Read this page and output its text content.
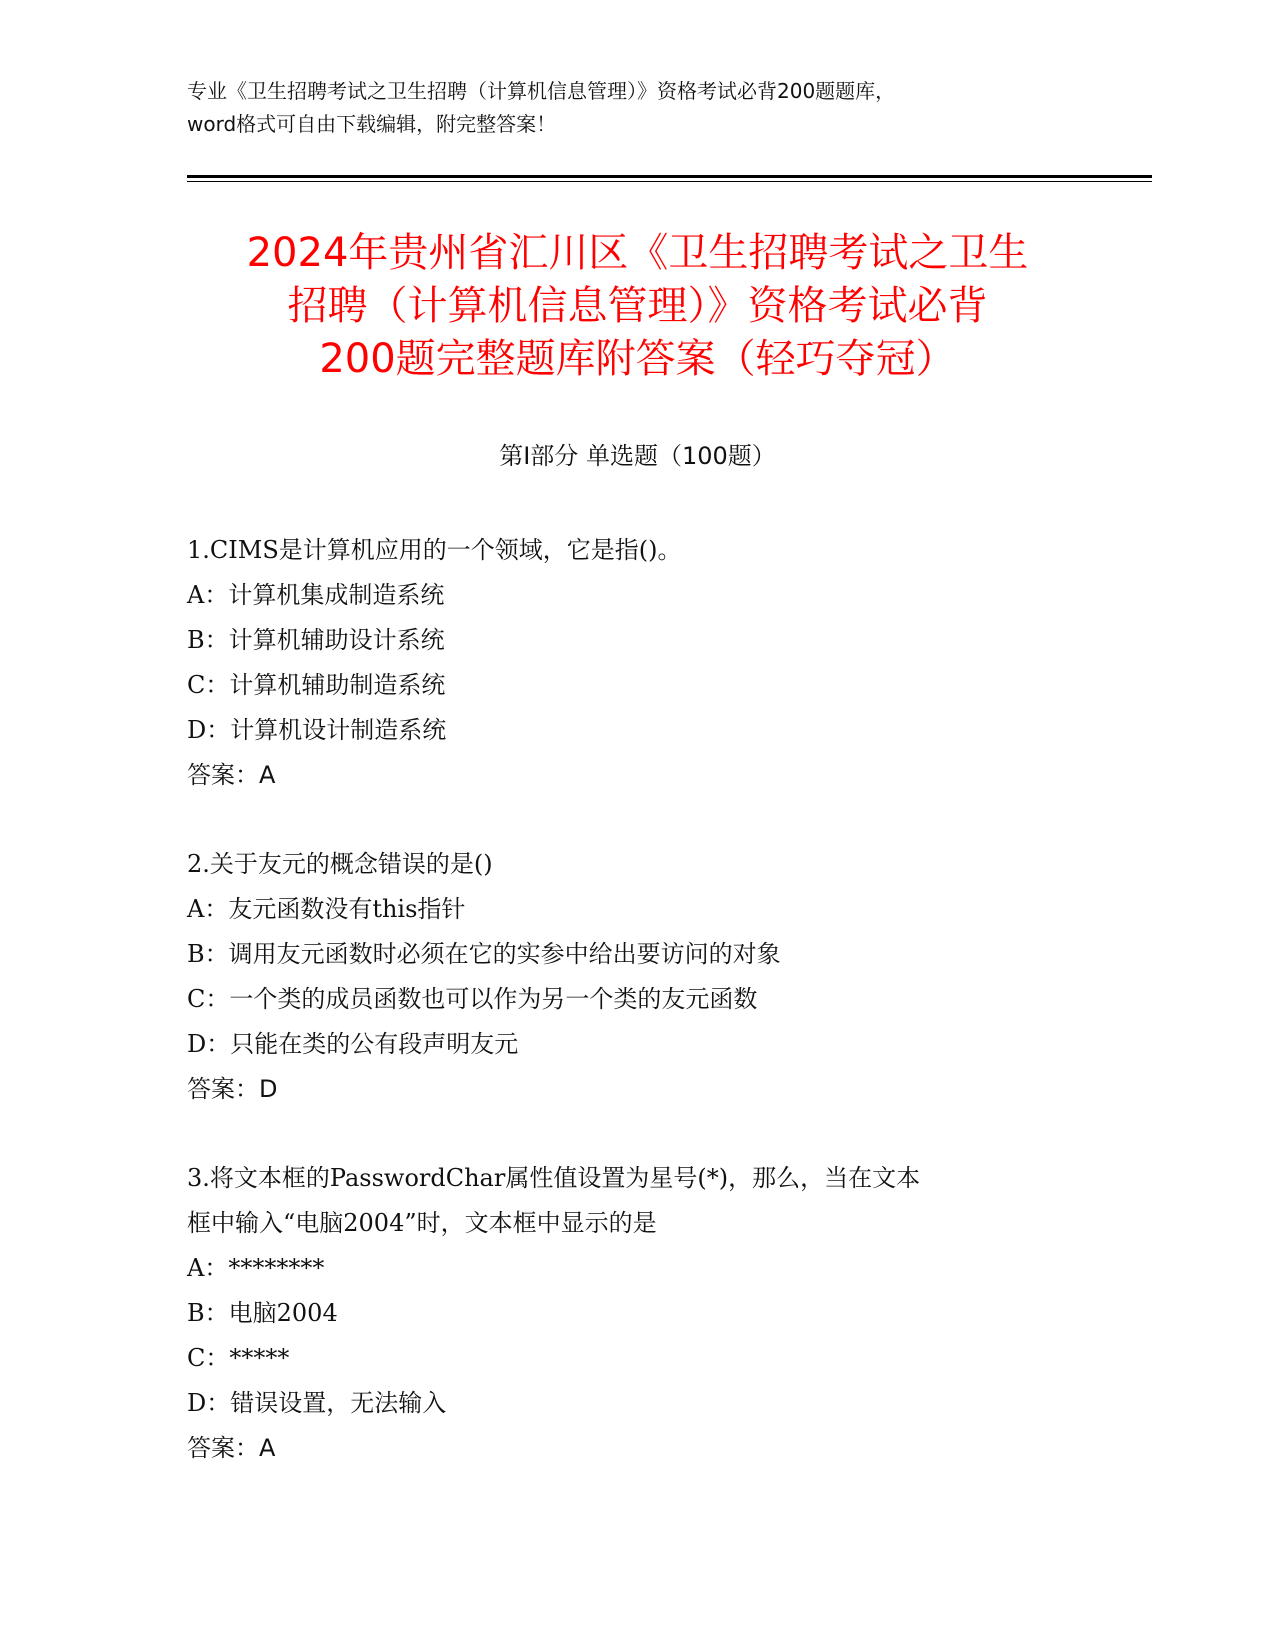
专业《卫生招聘考试之卫生招聘（计算机信息管理）》资格考试必背200题题库，
word格式可自由下载编辑，附完整答案！
2024年贵州省汇川区《卫生招聘考试之卫生
招聘（计算机信息管理）》资格考试必背
200题完整题库附答案（轻巧夺冠）
第Ⅰ部分 单选题（100题）
1.CIMS是计算机应用的一个领域，它是指()。
A：计算机集成制造系统
B：计算机辅助设计系统
C：计算机辅助制造系统
D：计算机设计制造系统
答案：A
2.关于友元的概念错误的是()
A：友元函数没有this指针
B：调用友元函数时必须在它的实参中给出要访问的对象
C：一个类的成员函数也可以作为另一个类的友元函数
D：只能在类的公有段声明友元
答案：D
3.将文本框的PasswordChar属性值设置为星号(*)，那么，当在文本
框中输入“电脑2004”时，文本框中显示的是
A：********
B：电脑2004
C：*****
D：错误设置，无法输入
答案：A
